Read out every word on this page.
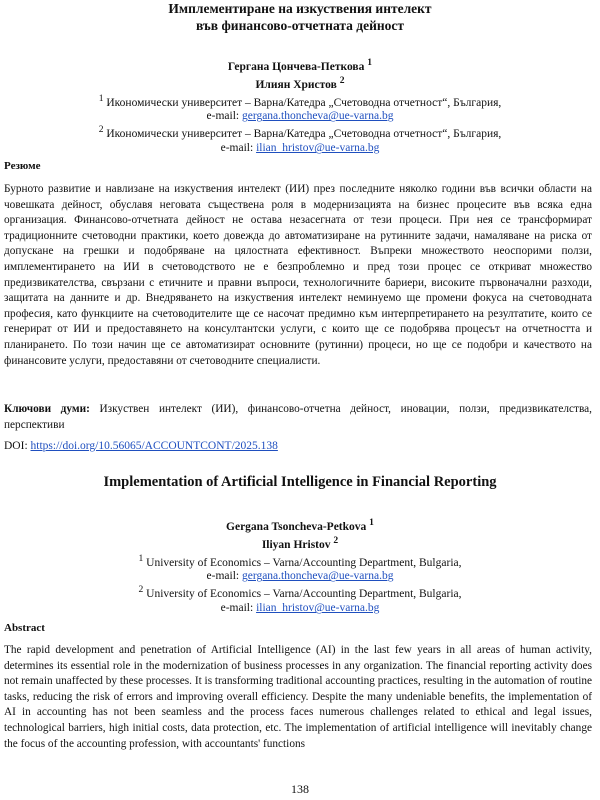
Имплементиране на изкуствения интелект
във финансово-отчетната дейност
Гергана Цончева-Петкова $^1$
Илиян Христов $^2$
$^1$ Икономически университет – Варна/Катедра „Счетоводна отчетност“, България,
e-mail: gergana.thoncheva@ue-varna.bg
$^2$ Икономически университет – Варна/Катедра „Счетоводна отчетност“, България,
e-mail: ilian_hristov@ue-varna.bg
Резюме
Бурното развитие и навлизане на изкуствения интелект (ИИ) през последните няколко години във всички области на човешката дейност, обуславя неговата съществена роля в модернизацията на бизнес процесите във всяка една организация. Финансово-отчетната дейност не остава незасегната от тези процеси. При нея се трансформират традиционните счетоводни практики, което довежда до автоматизиране на рутинните задачи, намаляване на риска от допускане на грешки и подобряване на цялостната ефективност. Въпреки множеството неоспорими ползи, имплементирането на ИИ в счетоводството не е безпроблемно и пред този процес се откриват множество предизвикателства, свързани с етичните и правни въпроси, технологичните бариери, високите първоначални разходи, защитата на данните и др. Внедряването на изкуствения интелект неминуемо ще промени фокуса на счетоводната професия, като функциите на счетоводителите ще се насочат предимно към интерпретирането на резултатите, които се генерират от ИИ и предоставянето на консултантски услуги, с които ще се подобрява процесът на отчетността и планирането. По този начин ще се автоматизират основните (рутинни) процеси, но ще се подобри и качеството на финансовите услуги, предоставяни от счетоводните специалисти.
Ключови думи: Изкуствен интелект (ИИ), финансово-отчетна дейност, иновации, ползи, предизвикателства, перспективи
DOI: https://doi.org/10.56065/ACCOUNTCONT/2025.138
Implementation of Artificial Intelligence in Financial Reporting
Gergana Tsoncheva-Petkova $^1$
Iliyan Hristov $^2$
$^1$ University of Economics – Varna/Accounting Department, Bulgaria,
e-mail: gergana.thoncheva@ue-varna.bg
$^2$ University of Economics – Varna/Accounting Department, Bulgaria,
e-mail: ilian_hristov@ue-varna.bg
Abstract
The rapid development and penetration of Artificial Intelligence (AI) in the last few years in all areas of human activity, determines its essential role in the modernization of business processes in any organization. The financial reporting activity does not remain unaffected by these processes. It is transforming traditional accounting practices, resulting in the automation of routine tasks, reducing the risk of errors and improving overall efficiency. Despite the many undeniable benefits, the implementation of AI in accounting has not been seamless and the process faces numerous challenges related to ethical and legal issues, technological barriers, high initial costs, data protection, etc. The implementation of artificial intelligence will inevitably change the focus of the accounting profession, with accountants' functions
138
